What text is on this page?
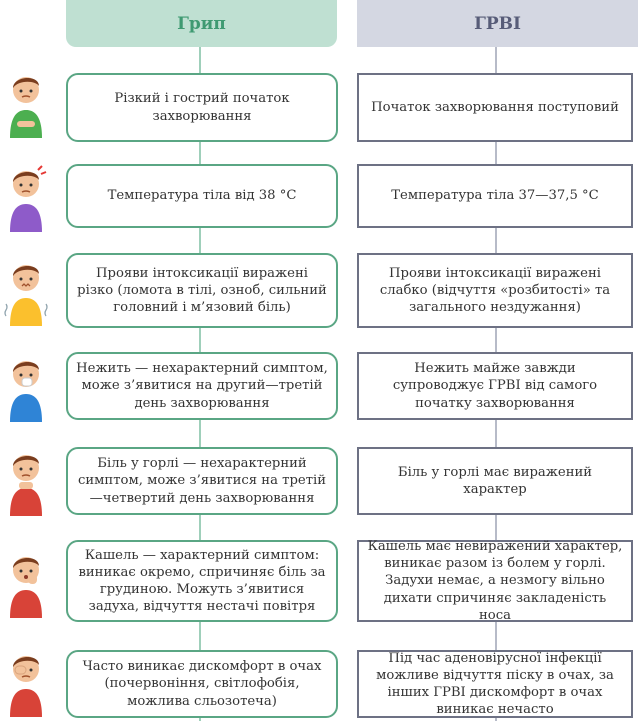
Грип	ГРВІ
Різкий і гострий початок захворювання
Початок захворювання поступовий
Температура тіла від 38 °С	Температура тіла 37—37,5 °С
Прояви інтоксикації виражені різко (ломота в тілі, озноб, сильний головний і м’язовий біль)
Прояви інтоксикації виражені слабко (відчуття «розбитості» та загального нездужання)
Нежить — нехарактерний симптом, може з’явитися на другий—третій день захворювання
Нежить майже завжди супроводжує ГРВІ від самого початку захворювання
Біль у горлі — нехарактерний симптом, може з’явитися на третій—четвертий день захворювання
Біль у горлі має виражений характер
Кашель — характерний симптом: виникає окремо, спричиняє біль за грудиною. Можуть з’явитися задуха, відчуття нестачі повітря
Кашель має невиражений характер, виникає разом із болем у горлі. Задухи немає, а незмогу вільно дихати спричиняє закладеність носа
Часто виникає дискомфорт в очах (почервоніння, світлофобія, можлива сльозотеча)
Під час аденовірусної інфекції можливе відчуття піску в очах, за інших ГРВІ дискомфорт в очах виникає нечасто
